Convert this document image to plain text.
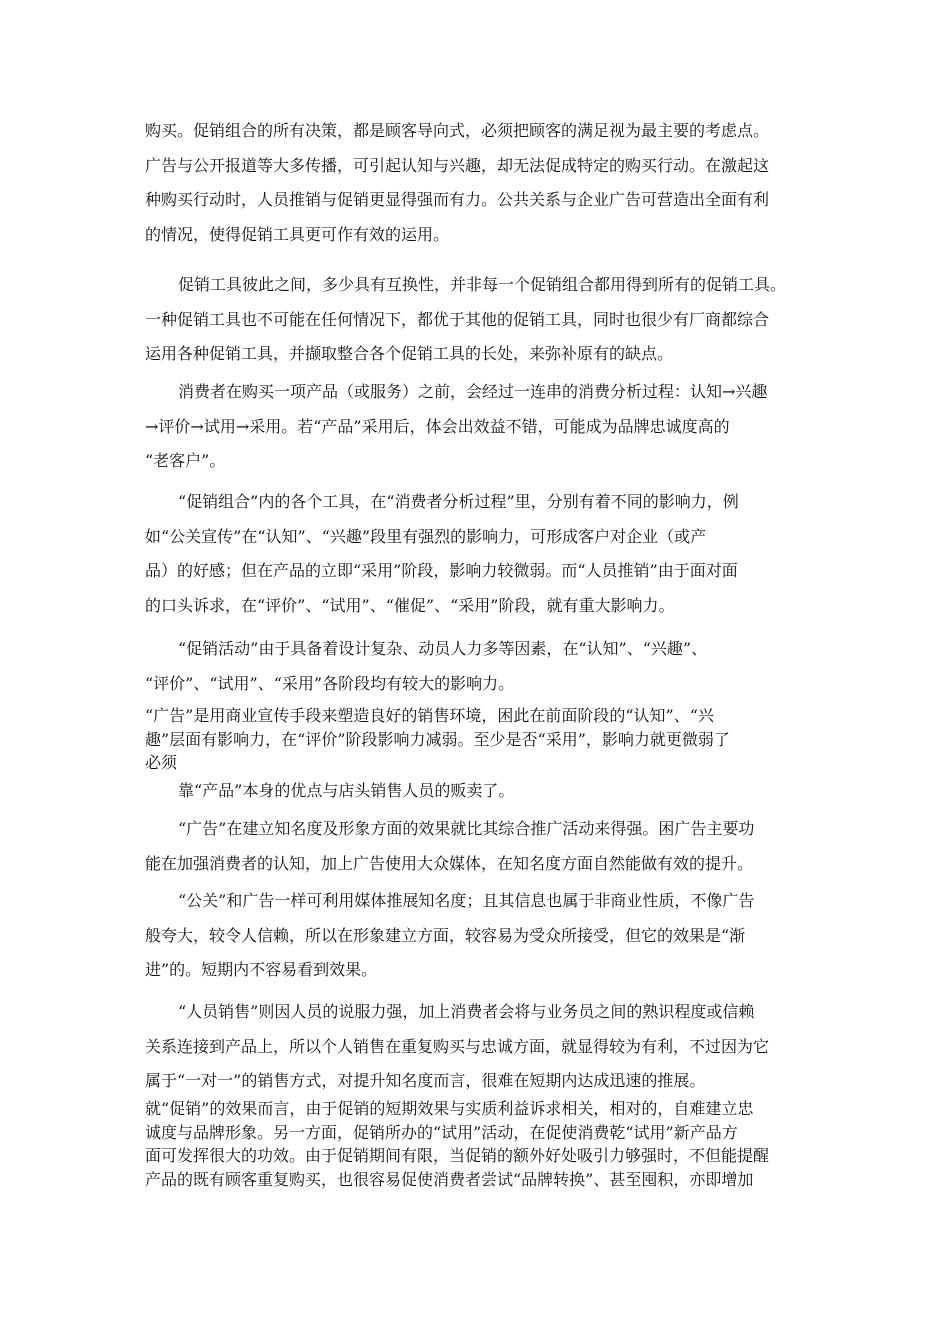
购买。促销组合的所有决策，都是顾客导向式，必须把顾客的满足视为最主要的考虑点。
广告与公开报道等大多传播，可引起认知与兴趣，却无法促成特定的购买行动。在激起这
种购买行动时，人员推销与促销更显得强而有力。公共关系与企业广告可营造出全面有利
的情况，使得促销工具更可作有效的运用。
促销工具彼此之间，多少具有互换性，并非每一个促销组合都用得到所有的促销工具。
一种促销工具也不可能在任何情况下，都优于其他的促销工具，同时也很少有厂商都综合
运用各种促销工具，并撷取整合各个促销工具的长处，来弥补原有的缺点。
消费者在购买一项产品（或服务）之前，会经过一连串的消费分析过程：认知→兴趣
→评价→试用→采用。若“产品”采用后，体会出效益不错，可能成为品牌忠诚度高的
“老客户”。
“促销组合”内的各个工具，在“消费者分析过程”里，分别有着不同的影响力，例
如“公关宣传”在“认知”、“兴趣”段里有强烈的影响力，可形成客户对企业（或产
品）的好感；但在产品的立即“采用”阶段，影响力较微弱。而“人员推销”由于面对面
的口头诉求，在“评价”、“试用”、“催促”、“采用”阶段，就有重大影响力。
“促销活动”由于具备着设计复杂、动员人力多等因素，在“认知”、“兴趣”、
“评价”、“试用”、“采用”各阶段均有较大的影响力。
“广告”是用商业宣传手段来塑造良好的销售环境，困此在前面阶段的“认知”、“兴
趣”层面有影响力，在“评价”阶段影响力减弱。至少是否“采用”，影响力就更微弱了
必须
靠“产品”本身的优点与店头销售人员的贩卖了。
“广告”在建立知名度及形象方面的效果就比其综合推广活动来得强。困广告主要功
能在加强消费者的认知，加上广告使用大众媒体，在知名度方面自然能做有效的提升。
“公关”和广告一样可利用媒体推展知名度；且其信息也属于非商业性质，不像广告
般夸大，较令人信赖，所以在形象建立方面，较容易为受众所接受，但它的效果是“渐
进”的。短期内不容易看到效果。
“人员销售”则因人员的说服力强，加上消费者会将与业务员之间的熟识程度或信赖
关系连接到产品上，所以个人销售在重复购买与忠诚方面，就显得较为有利，不过因为它
属于“一对一”的销售方式，对提升知名度而言，很难在短期内达成迅速的推展。
就“促销”的效果而言，由于促销的短期效果与实质利益诉求相关，相对的，自难建立忠
诚度与品牌形象。另一方面，促销所办的“试用”活动，在促使消费乾“试用”新产品方
面可发挥很大的功效。由于促销期间有限，当促销的额外好处吸引力够强时，不但能提醒
产品的既有顾客重复购买，也很容易促使消费者尝试“品牌转换”、甚至囤积，亦即增加
